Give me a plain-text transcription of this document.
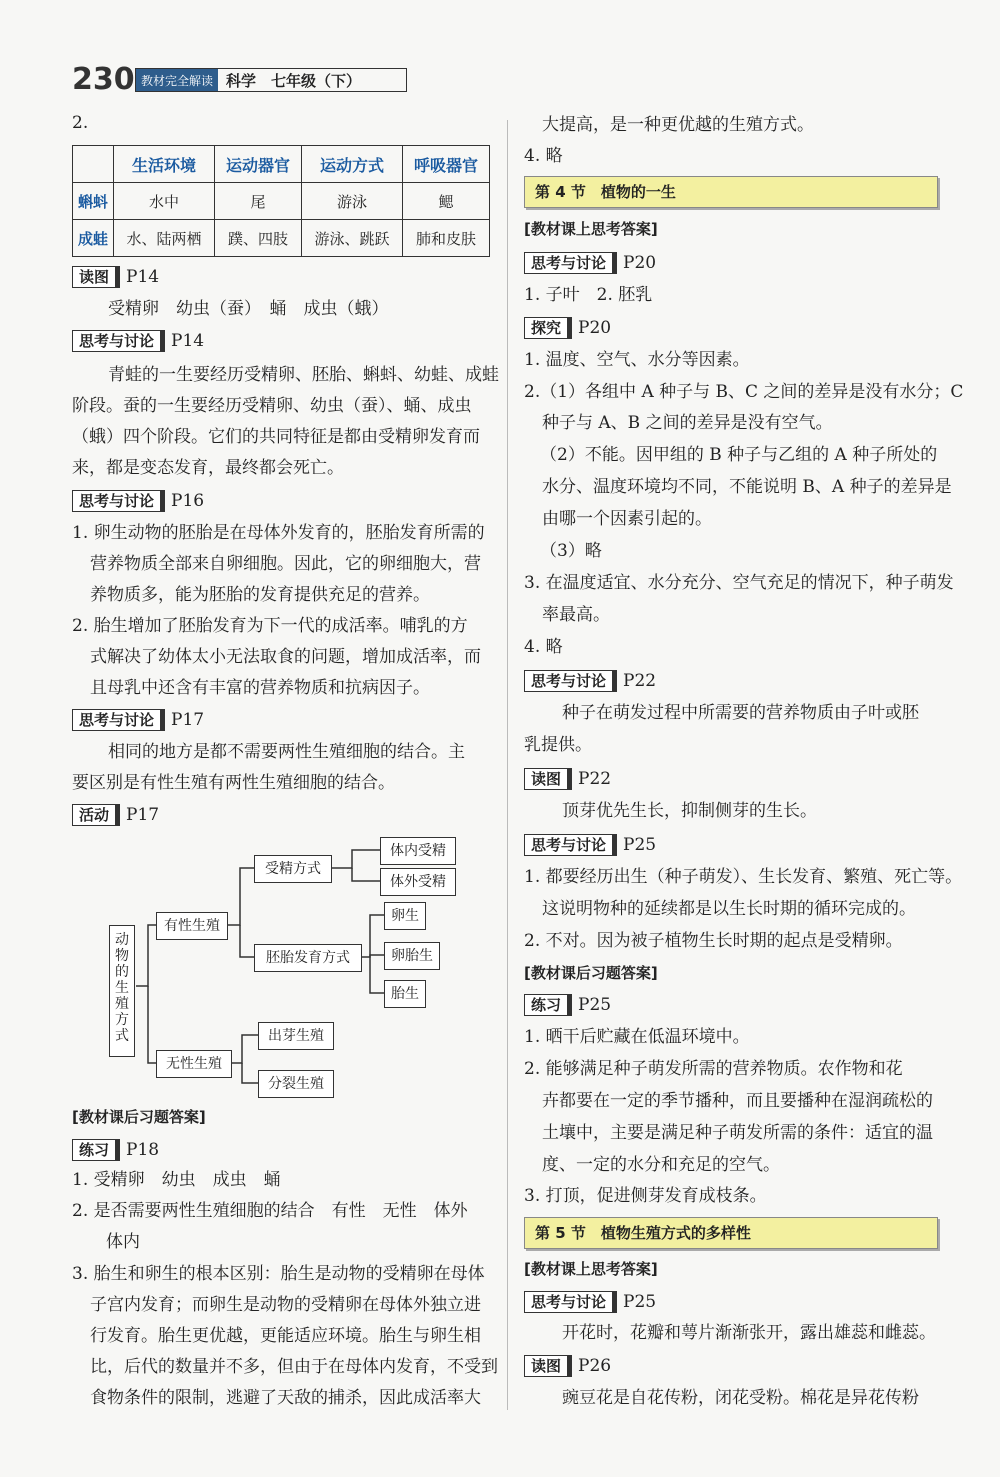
230 教材完全解读 科学　七年级（下）
2.
	生活环境	运动器官	运动方式	呼吸器官
蝌蚪	水中	尾	游泳	鳃
成蛙	水、陆两栖	蹼、四肢	游泳、跳跃	肺和皮肤
读图 P14
受精卵　幼虫（蚕）　蛹　成虫（蛾）
思考与讨论 P14
青蛙的一生要经历受精卵、胚胎、蝌蚪、幼蛙、成蛙
阶段。蚕的一生要经历受精卵、幼虫（蚕）、蛹、成虫
（蛾）四个阶段。它们的共同特征是都由受精卵发育而
来，都是变态发育，最终都会死亡。
思考与讨论 P16
1. 卵生动物的胚胎是在母体外发育的，胚胎发育所需的
营养物质全部来自卵细胞。因此，它的卵细胞大，营
养物质多，能为胚胎的发育提供充足的营养。
2. 胎生增加了胚胎发育为下一代的成活率。哺乳的方
式解决了幼体太小无法取食的问题，增加成活率，而
且母乳中还含有丰富的营养物质和抗病因子。
思考与讨论 P17
相同的地方是都不需要两性生殖细胞的结合。主
要区别是有性生殖有两性生殖细胞的结合。
活动 P17
动物的生殖方式
有性生殖
受精方式
体内受精
体外受精
胚胎发育方式
卵生
卵胎生
胎生
无性生殖
出芽生殖
分裂生殖
[教材课后习题答案]
练习 P18
1. 受精卵　幼虫　成虫　蛹
2. 是否需要两性生殖细胞的结合　有性　无性　体外
体内
3. 胎生和卵生的根本区别：胎生是动物的受精卵在母体
子宫内发育；而卵生是动物的受精卵在母体外独立进
行发育。胎生更优越，更能适应环境。胎生与卵生相
比，后代的数量并不多，但由于在母体内发育，不受到
食物条件的限制，逃避了天敌的捕杀，因此成活率大
大提高，是一种更优越的生殖方式。
4. 略
第 4 节　植物的一生
[教材课上思考答案]
思考与讨论 P20
1. 子叶　2. 胚乳
探究 P20
1. 温度、空气、水分等因素。
2.（1）各组中 A 种子与 B、C 之间的差异是没有水分；C
种子与 A、B 之间的差异是没有空气。
（2）不能。因甲组的 B 种子与乙组的 A 种子所处的
水分、温度环境均不同，不能说明 B、A 种子的差异是
由哪一个因素引起的。
（3）略
3. 在温度适宜、水分充分、空气充足的情况下，种子萌发
率最高。
4. 略
思考与讨论 P22
种子在萌发过程中所需要的营养物质由子叶或胚
乳提供。
读图 P22
顶芽优先生长，抑制侧芽的生长。
思考与讨论 P25
1. 都要经历出生（种子萌发）、生长发育、繁殖、死亡等。
这说明物种的延续都是以生长时期的循环完成的。
2. 不对。因为被子植物生长时期的起点是受精卵。
[教材课后习题答案]
练习 P25
1. 晒干后贮藏在低温环境中。
2. 能够满足种子萌发所需的营养物质。农作物和花
卉都要在一定的季节播种，而且要播种在湿润疏松的
土壤中，主要是满足种子萌发所需的条件：适宜的温
度、一定的水分和充足的空气。
3. 打顶，促进侧芽发育成枝条。
第 5 节　植物生殖方式的多样性
[教材课上思考答案]
思考与讨论 P25
开花时，花瓣和萼片渐渐张开，露出雄蕊和雌蕊。
读图 P26
豌豆花是自花传粉，闭花受粉。棉花是异花传粉
